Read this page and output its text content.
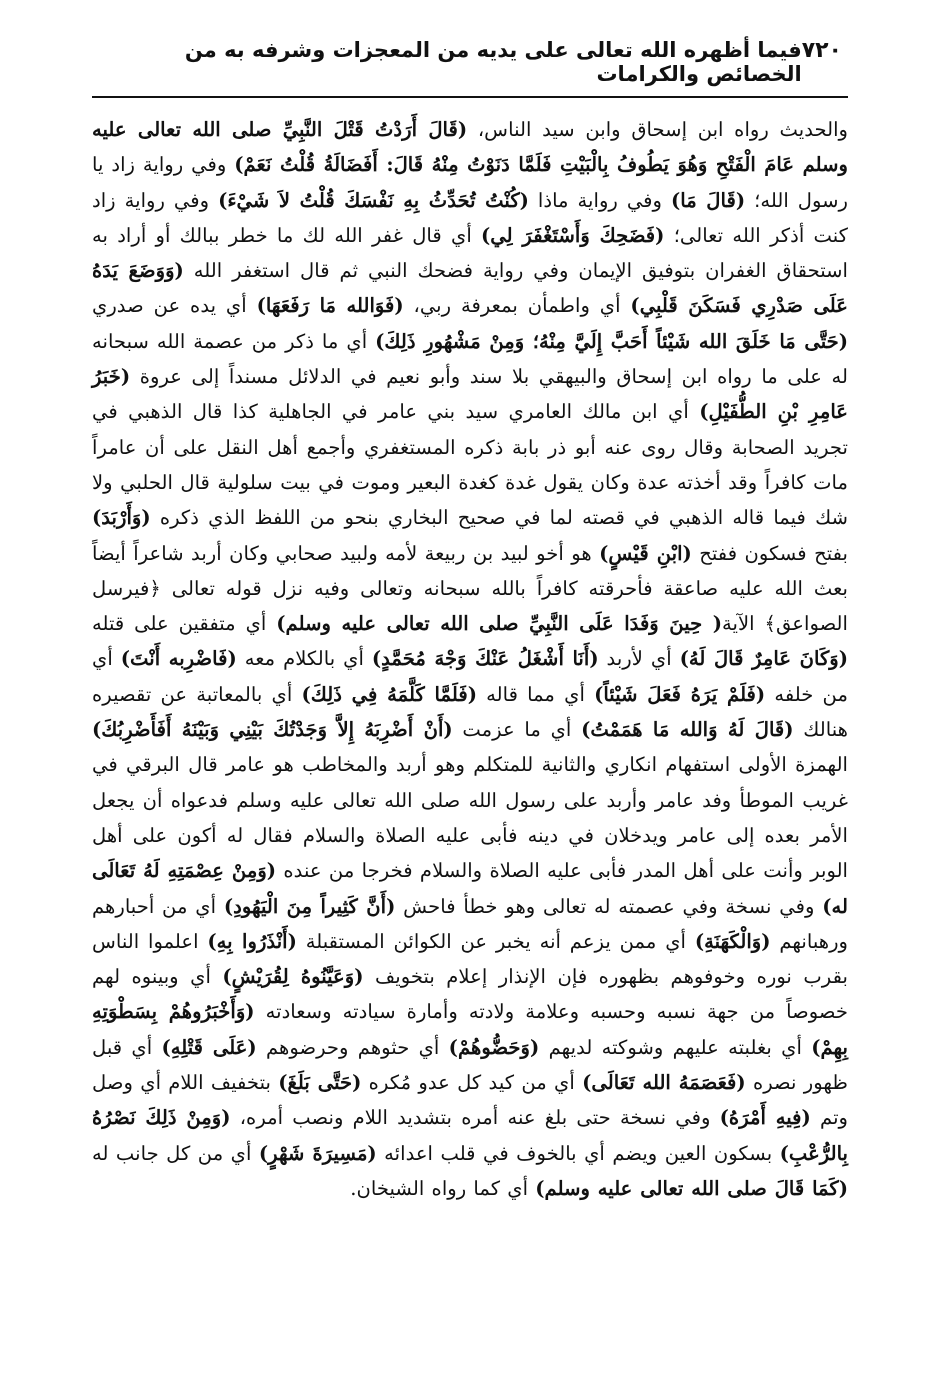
٧٢٠
فيما أظهره الله تعالى على يديه من المعجزات وشرفه به من الخصائص والكرامات
والحديث رواه ابن إسحاق وابن سيد الناس، (قَالَ أَرَدْتُ قَتْلَ النَّبِيِّ صلى الله تعالى عليه وسلم عَامَ الْفَتْحِ وَهُوَ يَطُوفُ بِالْبَيْتِ فَلَمَّا دَنَوْتُ مِنْهُ قَالَ: أَفَضَالَةُ قُلْتُ نَعَمْ) وفي رواية زاد يا رسول الله؛ (قَالَ مَا) وفي رواية ماذا (كُنْتُ تُحَدِّثُ بِهِ نَفْسَكَ قُلْتُ لاَ شَيْءَ) وفي رواية زاد كنت أذكر الله تعالى؛ (فَضَحِكَ وَأَسْتَغْفَرَ لِي) أي قال غفر الله لك ما خطر ببالك أو أراد به استحقاق الغفران بتوفيق الإيمان وفي رواية فضحك النبي ثم قال استغفر الله (وَوَضَعَ يَدَهُ عَلَى صَدْرِي فَسَكَنَ قَلْبِي) أي واطمأن بمعرفة ربي، (فَوَالله مَا رَفَعَهَا) أي يده عن صدري (حَتَّى مَا خَلَقَ الله شَيْئاً أَحَبَّ إِلَيَّ مِنْهُ؛ وَمِنْ مَشْهُورِ ذَلِكَ) أي ما ذكر من عصمة الله سبحانه له على ما رواه ابن إسحاق والبيهقي بلا سند وأبو نعيم في الدلائل مسنداً إلى عروة (خَبَرُ عَامِرِ بْنِ الطُّفَيْلِ) أي ابن مالك العامري سيد بني عامر في الجاهلية كذا قال الذهبي في تجريد الصحابة وقال روى عنه أبو ذر بابة ذكره المستغفري وأجمع أهل النقل على أن عامراً مات كافراً وقد أخذته عدة وكان يقول غدة كغدة البعير وموت في بيت سلولية قال الحلبي ولا شك فيما قاله الذهبي في قصته لما في صحيح البخاري بنحو من اللفظ الذي ذكره (وَأَرْبَدَ) بفتح فسكون ففتح (ابْنِ قَيْسٍ) هو أخو لبيد بن ربيعة لأمه ولبيد صحابي وكان أربد شاعراً أيضاً بعث الله عليه صاعقة فأحرقته كافراً بالله سبحانه وتعالى وفيه نزل قوله تعالى ﴿فيرسل الصواعق﴾ الآية( حِينَ وَفَدَا عَلَى النَّبِيِّ صلى الله تعالى عليه وسلم) أي متفقين على قتله (وَكَانَ عَامِرٌ قَالَ لَهُ) أي لأربد (أَنَا أَشْغَلُ عَنْكَ وَجْهَ مُحَمَّدٍ) أي بالكلام معه (فَاضْرِبه أَنْتَ) أي من خلفه (فَلَمْ يَرَهُ فَعَلَ شَيْئاً) أي مما قاله (فَلَمَّا كَلَّمَهُ فِي ذَلِكَ) أي بالمعاتبة عن تقصيره هنالك (قَالَ لَهُ وَالله مَا هَمَمْتُ) أي ما عزمت (أَنْ أَضْرِبَهُ إِلاَّ وَجَدْتُكَ بَيْنِي وَبَيْنَهُ أَفَأَضْرِبُكَ) الهمزة الأولى استفهام انكاري والثانية للمتكلم وهو أربد والمخاطب هو عامر قال البرقي في غريب الموطأ وفد عامر وأربد على رسول الله صلى الله تعالى عليه وسلم فدعواه أن يجعل الأمر بعده إلى عامر ويدخلان في دينه فأبى عليه الصلاة والسلام فقال له أكون على أهل الوبر وأنت على أهل المدر فأبى عليه الصلاة والسلام فخرجا من عنده (وَمِنْ عِصْمَتِهِ لَهُ تَعَالَى له) وفي نسخة وفي عصمته له تعالى وهو خطأ فاحش (أَنَّ كَثِيراً مِنَ الْيَهُودِ) أي من أحبارهم ورهبانهم (وَالْكَهَنَةِ) أي ممن يزعم أنه يخبر عن الكوائن المستقبلة (أَنْذَرُوا بِهِ) اعلموا الناس بقرب نوره وخوفوهم بظهوره فإن الإنذار إعلام بتخويف (وَعَيَّنُوهُ لِقُرَيْشٍ) أي وبينوه لهم خصوصاً من جهة نسبه وحسبه وعلامة ولادته وأمارة سيادته وسعادته (وَأَخْبَرُوهُمْ بِسَطْوَتِهِ بِهِمْ) أي بغلبته عليهم وشوكته لديهم (وَحَضُّوهُمْ) أي حثوهم وحرضوهم (عَلَى قَتْلِهِ) أي قبل ظهور نصره (فَعَصَمَهُ الله تَعَالَى) أي من كيد كل عدو مُكره (حَتَّى بَلَغَ) بتخفيف اللام أي وصل وتم (فِيهِ أَمْرَهُ) وفي نسخة حتى بلغ عنه أمره بتشديد اللام ونصب أمره، (وَمِنْ ذَلِكَ نَصْرُهُ بِالرُّعْبِ) بسكون العين ويضم أي بالخوف في قلب اعدائه (مَسِيرَةَ شَهْرٍ) أي من كل جانب له (كَمَا قَالَ صلى الله تعالى عليه وسلم) أي كما رواه الشيخان.
